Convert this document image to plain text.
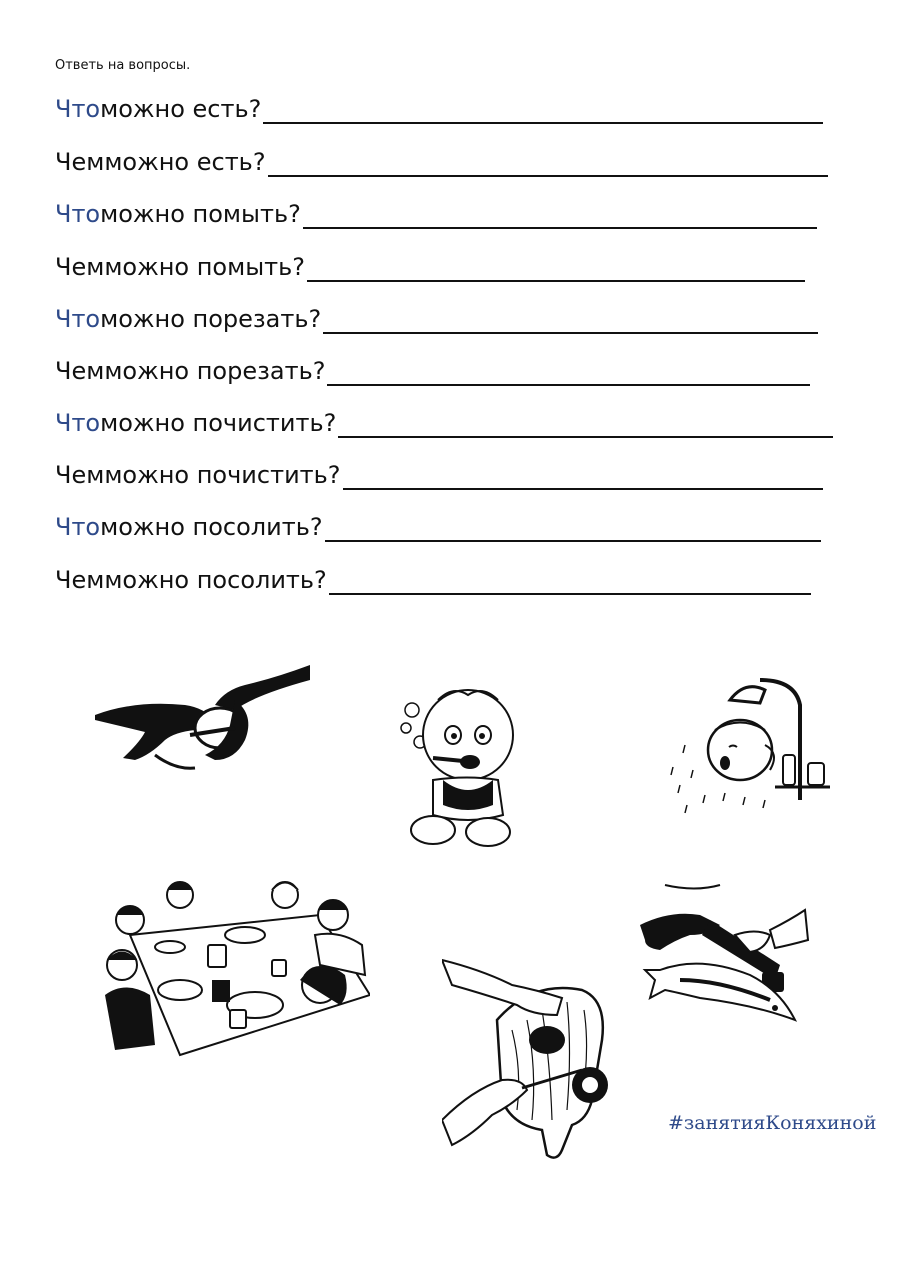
Ответь на вопросы.
Что можно есть?
Чем можно есть?
Что можно помыть?
Чем можно помыть?
Что можно порезать?
Чем можно порезать?
Что можно почистить?
Чем можно почистить?
Что можно посолить?
Чем можно посолить?
#занятияКоняхиной
